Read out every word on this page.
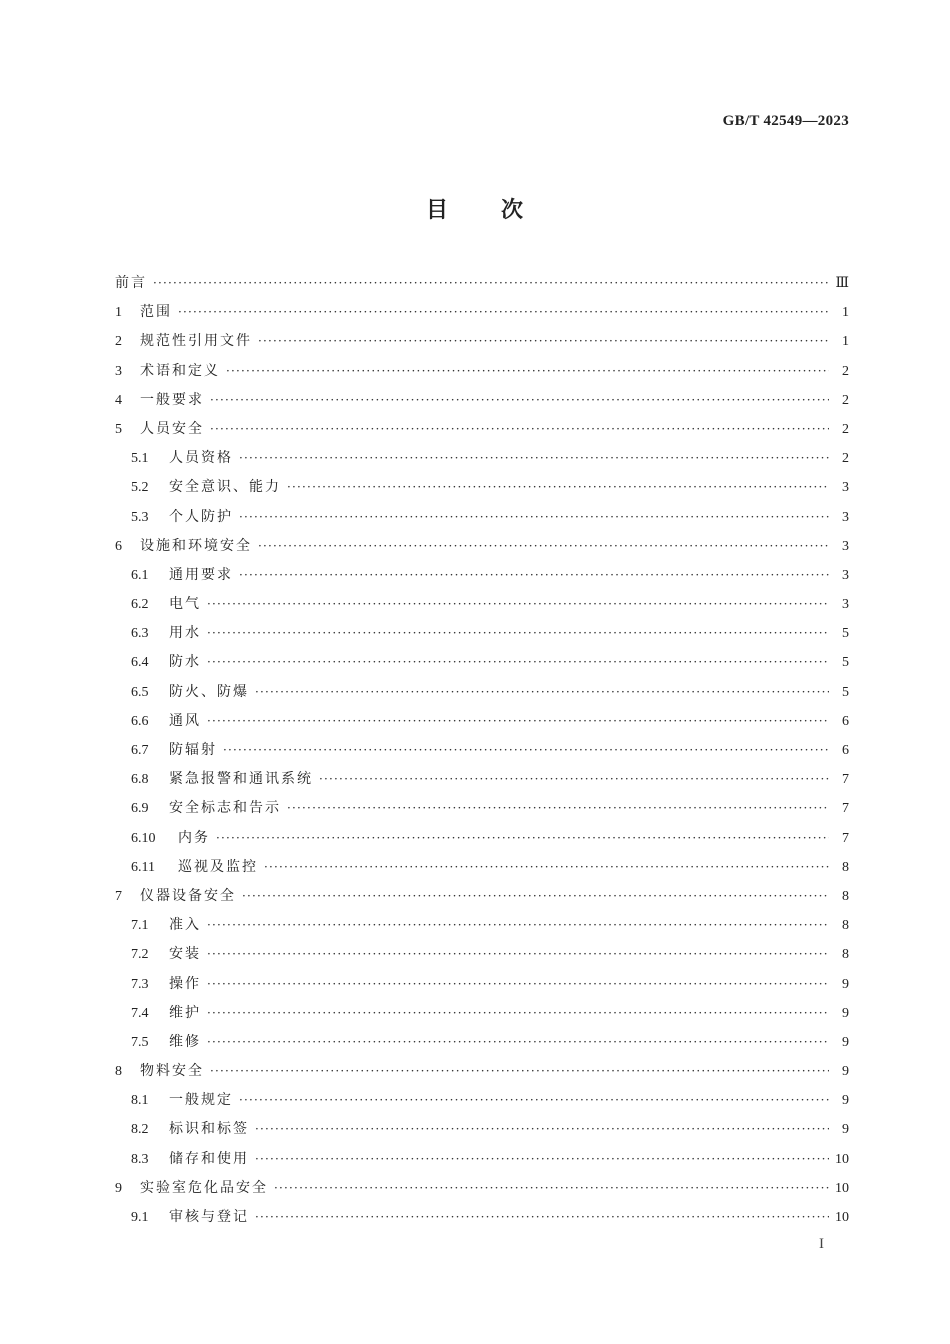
GB/T 42549—2023
目 次
前言 ·····	Ⅲ
1	范围 ·····	1
2	规范性引用文件 ·····	1
3	术语和定义 ·····	2
4	一般要求 ·····	2
5	人员安全 ·····	2
5.1	人员资格 ·····	2
5.2	安全意识、能力 ·····	3
5.3	个人防护 ·····	3
6	设施和环境安全 ·····	3
6.1	通用要求 ·····	3
6.2	电气 ·····	3
6.3	用水 ·····	5
6.4	防水 ·····	5
6.5	防火、防爆 ·····	5
6.6	通风 ·····	6
6.7	防辐射 ·····	6
6.8	紧急报警和通讯系统 ·····	7
6.9	安全标志和告示 ·····	7
6.10	内务 ·····	7
6.11	巡视及监控 ·····	8
7	仪器设备安全 ·····	8
7.1	准入 ·····	8
7.2	安装 ·····	8
7.3	操作 ·····	9
7.4	维护 ·····	9
7.5	维修 ·····	9
8	物料安全 ·····	9
8.1	一般规定 ·····	9
8.2	标识和标签 ·····	9
8.3	储存和使用 ·····	10
9	实验室危化品安全 ·····	10
9.1	审核与登记 ·····	10
I
